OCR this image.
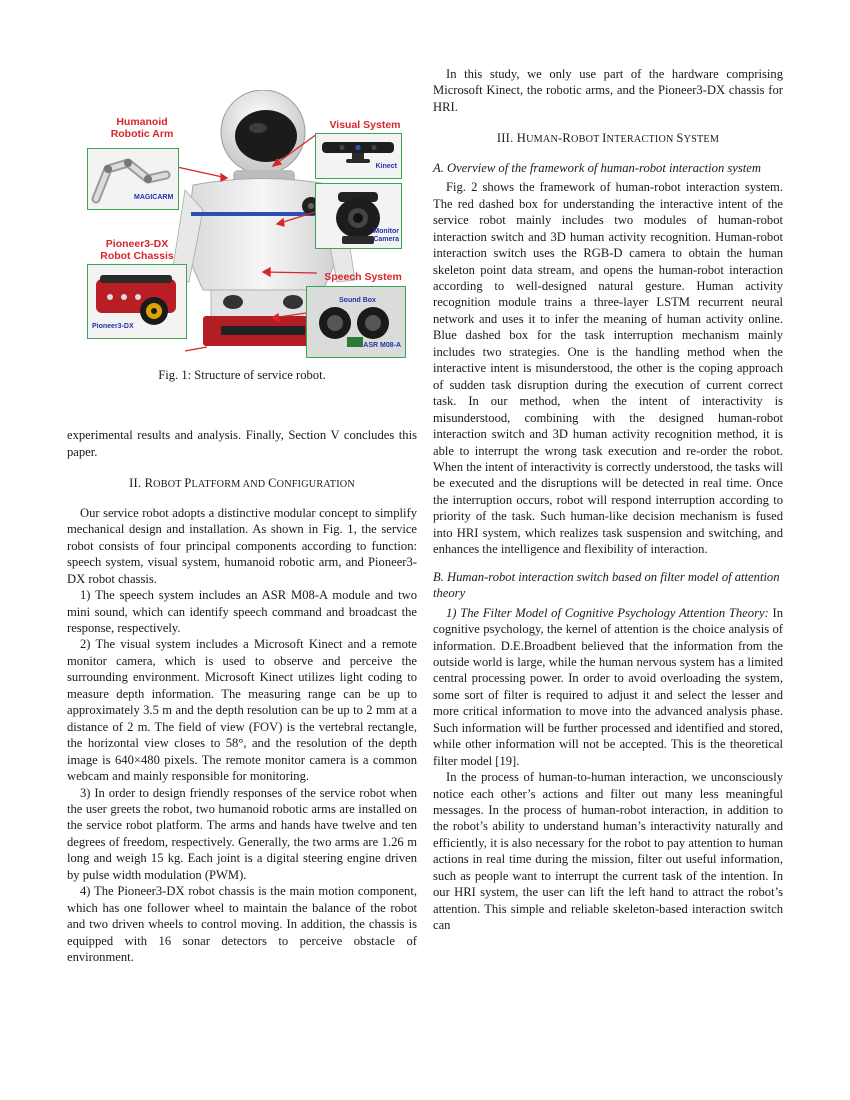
Humanoid
Robotic Arm
Visual System
Pioneer3-DX
Robot Chassis
Speech System
MAGICARM
Kinect
Monitor
Camera
Pioneer3-DX
Sound Box
ASR M08-A
Fig. 1: Structure of service robot.

experimental results and analysis. Finally, Section V concludes this paper.

II. ROBOT PLATFORM AND CONFIGURATION

Our service robot adopts a distinctive modular concept to simplify mechanical design and installation. As shown in Fig. 1, the service robot consists of four principal components according to function: speech system, visual system, humanoid robotic arm, and Pioneer3-DX robot chassis.

1) The speech system includes an ASR M08-A module and two mini sound, which can identify speech command and broadcast the response, respectively.

2) The visual system includes a Microsoft Kinect and a remote monitor camera, which is used to observe and perceive the surrounding environment. Microsoft Kinect utilizes light coding to measure depth information. The measuring range can be up to approximately 3.5 m and the depth resolution can be up to 2 mm at a distance of 2 m. The field of view (FOV) is the vertebral rectangle, the horizontal view closes to 58°, and the resolution of the depth image is 640×480 pixels. The remote monitor camera is a common webcam and mainly responsible for monitoring.

3) In order to design friendly responses of the service robot when the user greets the robot, two humanoid robotic arms are installed on the service robot platform. The arms and hands have twelve and ten degrees of freedom, respectively. Generally, the two arms are 1.26 m long and weigh 15 kg. Each joint is a digital steering engine driven by pulse width modulation (PWM).

4) The Pioneer3-DX robot chassis is the main motion component, which has one follower wheel to maintain the balance of the robot and two driven wheels to control moving. In addition, the chassis is equipped with 16 sonar detectors to perceive obstacle of environment.

In this study, we only use part of the hardware comprising Microsoft Kinect, the robotic arms, and the Pioneer3-DX chassis for HRI.

III. HUMAN-ROBOT INTERACTION SYSTEM
A. Overview of the framework of human-robot interaction system

Fig. 2 shows the framework of human-robot interaction system. The red dashed box for understanding the interactive intent of the service robot mainly includes two modules of human-robot interaction switch and 3D human activity recognition. Human-robot interaction switch uses the RGB-D camera to obtain the human skeleton point data stream, and opens the human-robot interaction according to well-designed natural gesture. Human activity recognition module trains a three-layer LSTM recurrent neural network and uses it to infer the meaning of human activity online. Blue dashed box for the task interruption mechanism mainly includes two strategies. One is the handling method when the interactive intent is misunderstood, the other is the coping approach of sudden task disruption during the execution of current correct task. In our method, when the intent of interactivity is misunderstood, combining with the designed human-robot interaction switch and 3D human activity recognition method, it is able to interrupt the wrong task execution and re-order the robot. When the intent of interactivity is correctly understood, the tasks will be executed and the disruptions will be detected in real time. Once the interruption occurs, robot will respond interruption according to priority of the task. Such human-like decision mechanism is fused into HRI system, which realizes task suspension and switching, and enhances the intelligence and flexibility of interaction.

B. Human-robot interaction switch based on filter model of attention theory

1) The Filter Model of Cognitive Psychology Attention Theory: In cognitive psychology, the kernel of attention is the choice analysis of information. D.E.Broadbent believed that the information from the outside world is large, while the human nervous system has a limited central processing power. In order to avoid overloading the system, some sort of filter is required to adjust it and select the lesser and more critical information to move into the advanced analysis phase. Such information will be further processed and identified and stored, while other information will not be accepted. This is the theoretical filter model [19].

In the process of human-to-human interaction, we unconsciously notice each other’s actions and filter out many less meaningful messages. In the process of human-robot interaction, in addition to the robot’s ability to understand human’s interactivity naturally and efficiently, it is also necessary for the robot to pay attention to human actions in real time during the mission, filter out useful information, such as people want to interrupt the current task of the intention. In our HRI system, the user can lift the left hand to attract the robot’s attention. This simple and reliable skeleton-based interaction switch can
